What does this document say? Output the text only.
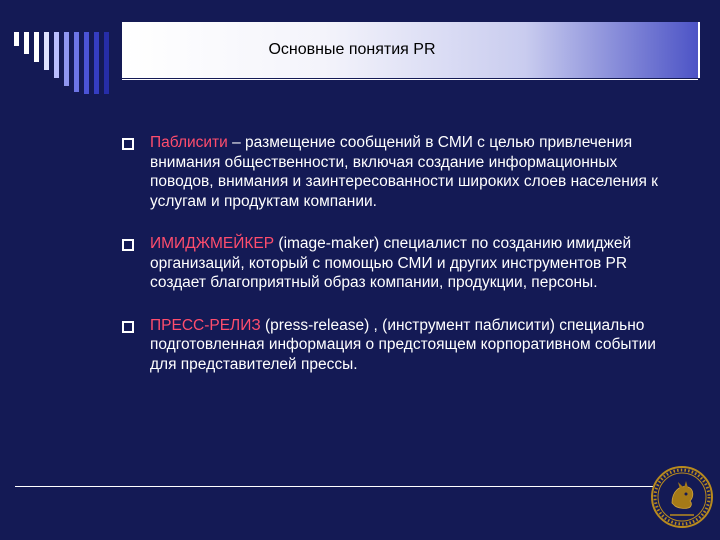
Основные понятия PR
Паблисити – размещение сообщений в СМИ с целью привлечения внимания общественности, включая создание информационных поводов, внимания и заинтересованности широких слоев населения к услугам и продуктам компании.
ИМИДЖМЕЙКЕР (image-maker) специалист по созданию имиджей организаций, который с помощью СМИ и других инструментов PR создает благоприятный образ компании, продукции, персоны.
ПРЕСС-РЕЛИЗ (press-release) , (инструмент паблисити) специально подготовленная информация о предстоящем корпоративном событии для представителей прессы.
